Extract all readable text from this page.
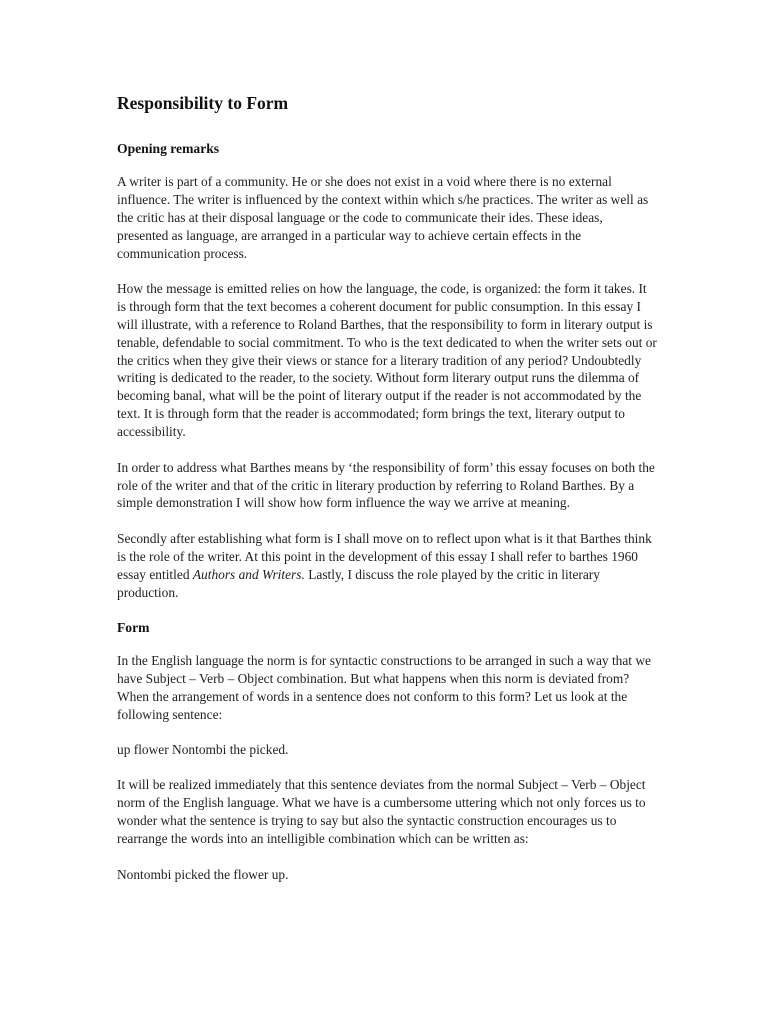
Responsibility to Form
Opening remarks

A writer is part of a community. He or she does not exist in a void where there is no external influence. The writer is influenced by the context within which s/he practices. The writer as well as the critic has at their disposal language or the code to communicate their ides. These ideas, presented as language, are arranged in a particular way to achieve certain effects in the communication process.

How the message is emitted relies on how the language, the code, is organized: the form it takes. It is through form that the text becomes a coherent document for public consumption. In this essay I will illustrate, with a reference to Roland Barthes, that the responsibility to form in literary output is tenable, defendable to social commitment. To who is the text dedicated to when the writer sets out or the critics when they give their views or stance for a literary tradition of any period? Undoubtedly writing is dedicated to the reader, to the society. Without form literary output runs the dilemma of becoming banal, what will be the point of literary output if the reader is not accommodated by the text. It is through form that the reader is accommodated; form brings the text, literary output to accessibility.

In order to address what Barthes means by ‘the responsibility of form’ this essay focuses on both the role of the writer and that of the critic in literary production by referring to Roland Barthes. By a simple demonstration I will show how form influence the way we arrive at meaning.

Secondly after establishing what form is I shall move on to reflect upon what is it that Barthes think is the role of the writer. At this point in the development of this essay I shall refer to barthes 1960 essay entitled Authors and Writers. Lastly, I discuss the role played by the critic in literary production.

Form

In the English language the norm is for syntactic constructions to be arranged in such a way that we have Subject – Verb – Object combination. But what happens when this norm is deviated from? When the arrangement of words in a sentence does not conform to this form? Let us look at the following sentence:

up flower Nontombi the picked.

It will be realized immediately that this sentence deviates from the normal Subject – Verb – Object norm of the English language. What we have is a cumbersome uttering which not only forces us to wonder what the sentence is trying to say but also the syntactic construction encourages us to rearrange the words into an intelligible combination which can be written as:

Nontombi picked the flower up.
